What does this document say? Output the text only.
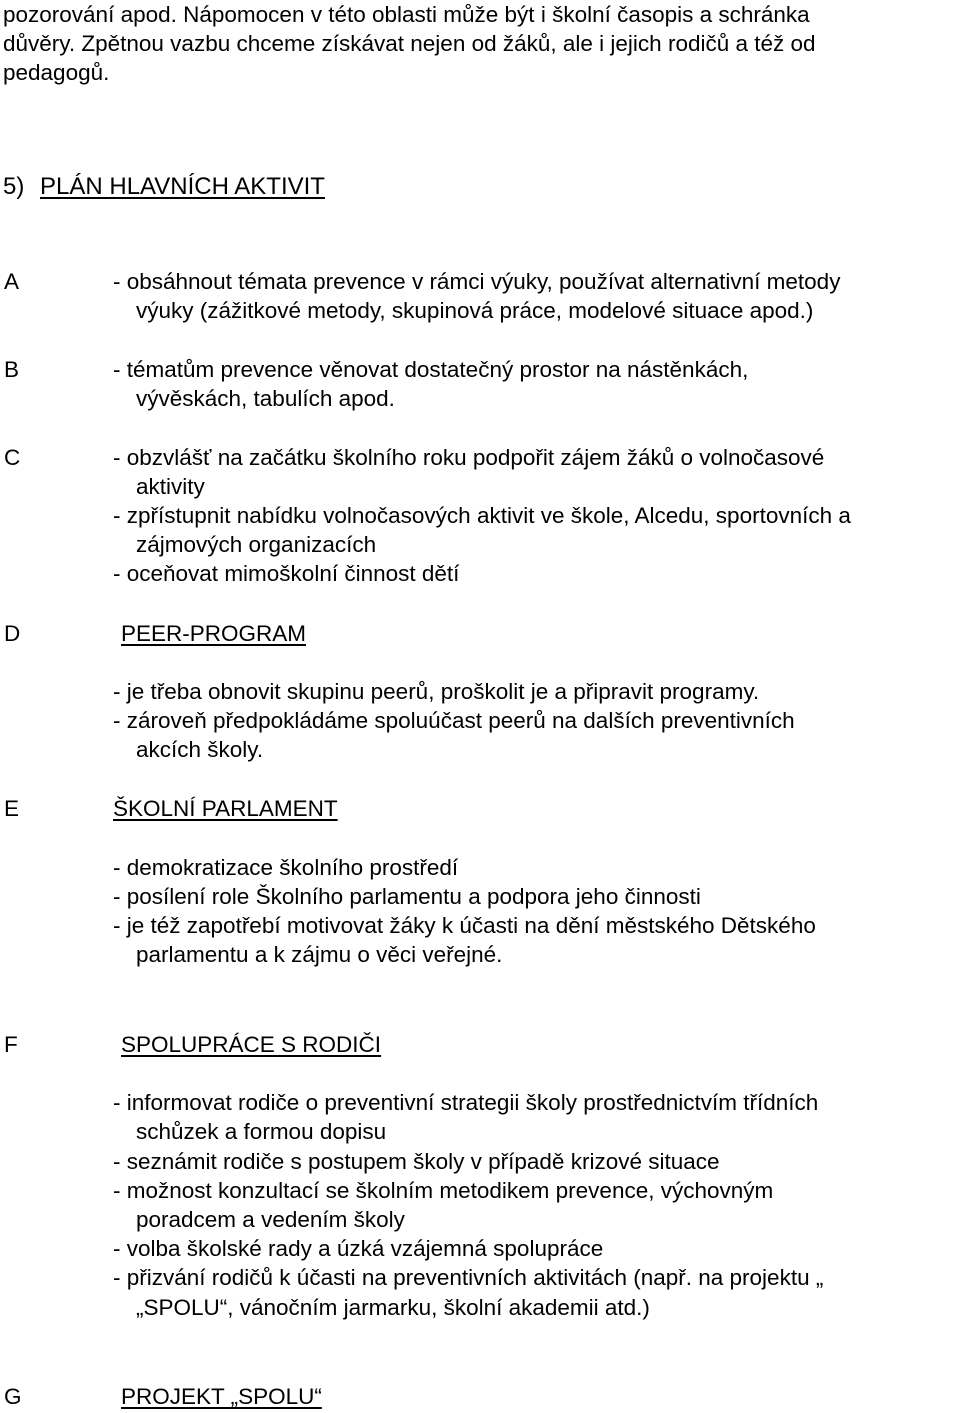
pozorování apod. Nápomocen v této oblasti může být i školní časopis a schránka
důvěry. Zpětnou vazbu chceme získávat nejen od žáků, ale i jejich rodičů a též od
pedagogů.
5) PLÁN HLAVNÍCH AKTIVIT
A	- obsáhnout témata prevence v rámci výuky, používat alternativní metody
výuky (zážitkové metody, skupinová práce, modelové situace apod.)
B	- tématům prevence věnovat dostatečný prostor na nástěnkách,
vývěskách, tabulích apod.
C	- obzvlášť na začátku školního roku podpořit zájem žáků o volnočasové
aktivity
- zpřístupnit nabídku volnočasových aktivit ve škole, Alcedu, sportovních a
zájmových organizacích
- oceňovat mimoškolní činnost dětí
D	PEER-PROGRAM
- je třeba obnovit skupinu peerů, proškolit je a připravit programy.
- zároveň předpokládáme spoluúčast peerů na dalších preventivních
akcích školy.
E	ŠKOLNÍ PARLAMENT
- demokratizace školního prostředí
- posílení role Školního parlamentu a podpora jeho činnosti
- je též zapotřebí motivovat žáky k účasti na dění městského Dětského
parlamentu a k zájmu o věci veřejné.
F	SPOLUPRÁCE S RODIČI
- informovat rodiče o preventivní strategii školy prostřednictvím třídních
schůzek a formou dopisu
- seznámit rodiče s postupem školy v případě krizové situace
- možnost konzultací se školním metodikem prevence, výchovným
poradcem a vedením školy
- volba školské rady a úzká vzájemná spolupráce
- přizvání rodičů k účasti na preventivních aktivitách (např. na projektu „
„SPOLU“, vánočním jarmarku, školní akademii atd.)
G	PROJEKT „SPOLU“
